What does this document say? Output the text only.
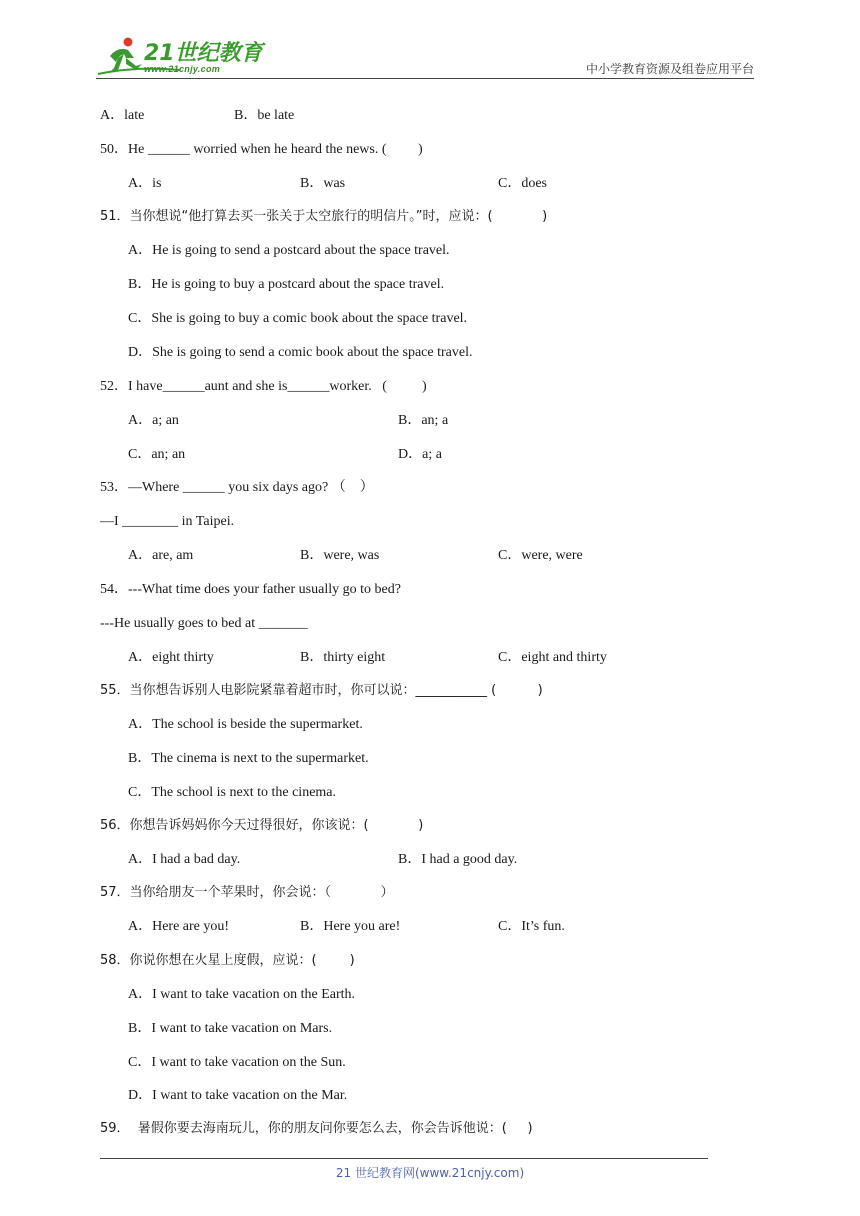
21世纪教育
www.21cnjy.com	中小学教育资源及组卷应用平台
A．late	B．be late
50．He ______ worried when he heard the news. (         )
A．is	B．was	C．does
51．当你想说“他打算去买一张关于太空旅行的明信片。”时，应说：(            )
A．He is going to send a postcard about the space travel.
B．He is going to buy a postcard about the space travel.
C．She is going to buy a comic book about the space travel.
D．She is going to send a comic book about the space travel.
52．I have______aunt and she is______worker.   (          )
A．a; an	B．an; a
C．an; an	D．a; a
53．—Where ______ you six days ago? （    ）
—I ________ in Taipei.
A．are, am	B．were, was	C．were, were
54．---What time does your father usually go to bed?
---He usually goes to bed at _______
A．eight thirty	B．thirty eight	C．eight and thirty
55．当你想告诉别人电影院紧靠着超市时，你可以说：___________ (          )
A．The school is beside the supermarket.
B．The cinema is next to the supermarket.
C．The school is next to the cinema.
56．你想告诉妈妈你今天过得很好，你该说：(            )
A．I had a bad day.	B．I had a good day.
57．当你给朋友一个苹果时，你会说：（            ）
A．Here are you!	B．Here you are!	C．It’s fun.
58．你说你想在火星上度假，应说：(        )
A．I want to take vacation on the Earth.
B．I want to take vacation on Mars.
C．I want to take vacation on the Sun.
D．I want to take vacation on the Mar.
59．  暑假你要去海南玩儿，你的朋友问你要怎么去，你会告诉他说：(     )
21 世纪教育网(www.21cnjy.com)
